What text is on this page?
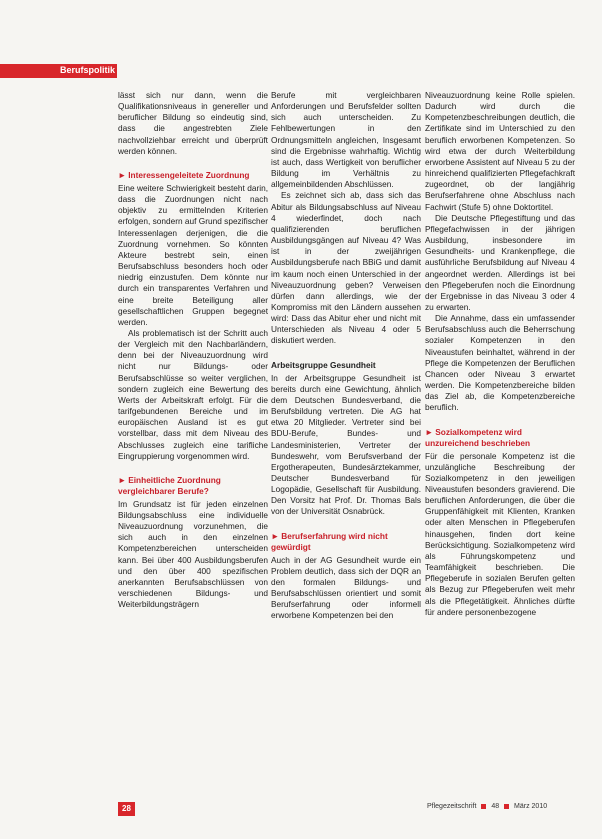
Berufspolitik

lässt sich nur dann, wenn die Qualifikationsniveaus in genereller und beruflicher Bildung so eindeutig sind, dass die angestrebten Ziele nachvollziehbar erreicht und überprüft werden können.

► Interessengeleitete Zuordnung

Eine weitere Schwierigkeit besteht darin, dass die Zuordnungen nicht nach objektiv zu ermittelnden Kriterien erfolgen, sondern auf Grund spezifischer Interessenlagen derjenigen, die die Zuordnung vornehmen. So könnten Akteure bestrebt sein, einen Berufsabschluss besonders hoch oder niedrig einzustufen. Dem könnte nur durch ein transparentes Verfahren und eine breite Beteiligung aller gesellschaftlichen Gruppen begegnet werden.

Als problematisch ist der Schritt auch der Vergleich mit den Nachbarländern, denn bei der Niveauzuordnung wird nicht nur Bildungs- oder Berufsabschlüsse so weiter verglichen, sondern zugleich eine Bewertung des Werts der Arbeitskraft erfolgt. Für die tarifgebundenen Bereiche und im europäischen Ausland ist es gut vorstellbar, dass mit dem Niveau des Abschlusses zugleich eine tarifliche Eingruppierung vorgenommen wird.

► Einheitliche Zuordnung vergleichbarer Berufe?

Im Grundsatz ist für jeden einzelnen Bildungsabschluss eine individuelle Niveauzuordnung vorzunehmen, die sich auch in den einzelnen Kompetenzbereichen unterscheiden kann. Bei über 400 Ausbildungsberufen und den über 400 spezifischen anerkannten Berufsabschlüssen von verschiedenen Bildungs- und Weiterbildungsträgern

Berufe mit vergleichbaren Anforderungen und Berufsfelder sollten sich auch unterscheiden. Zu Fehlbewertungen in den Ordnungsmitteln angleichen, Insgesamt sind die Ergebnisse wahrhaftig. Wichtig ist auch, dass Wertigkeit von beruflicher Bildung im Verhältnis zu allgemeinbildenden Abschlüssen.

Es zeichnet sich ab, dass sich das Abitur als Bildungsabschluss auf Niveau 4 wiederfindet, doch nach qualifizierenden beruflichen Ausbildungsgängen auf Niveau 4? Was ist in der zweijährigen Ausbildungsberufe nach BBiG und damit im kaum noch einen Unterschied in der Niveauzuordnung geben? Verweisen dürfen dann allerdings, wie der Kompromiss mit den Ländern aussehen wird: Dass das Abitur eher und nicht mit Unterschieden als Niveau 4 oder 5 diskutiert werden.

Arbeitsgruppe Gesundheit

In der Arbeitsgruppe Gesundheit ist bereits durch eine Gewichtung, ähnlich dem Deutschen Bundesverband, die Berufsbildung vertreten. Die AG hat etwa 20 Mitglieder. Vertreter sind bei BDU-Berufe, Bundes- und Landesministerien, Vertreter der Bundeswehr, vom Berufsverband der Ergotherapeuten, Bundesärztekammer, Deutscher Bundesverband für Logopädie, Gesellschaft für Ausbildung. Den Vorsitz hat Prof. Dr. Thomas Bals von der Universität Osnabrück.

► Berufserfahrung wird nicht gewürdigt

Auch in der AG Gesundheit wurde ein Problem deutlich, dass sich der DQR an den formalen Bildungs- und Berufsabschlüssen orientiert und somit Berufserfahrung oder informell erworbene Kompetenzen bei den

Niveauzuordnung keine Rolle spielen. Dadurch wird durch die Kompetenzbeschreibungen deutlich, die Zertifikate sind im Unterschied zu den beruflich erworbenen Kompetenzen. So wird etwa der durch Weiterbildung erworbene Assistent auf Niveau 5 zu der hinreichend qualifizierten Pflegefachkraft zugeordnet, ob der langjährig Berufserfahrene ohne Abschluss nach Fachwirt (Stufe 5) ohne Doktortitel.

Die Deutsche Pflegestiftung und das Pflegefachwissen in der jährigen Ausbildung, insbesondere im Gesundheits- und Krankenpflege, die ausführliche Berufsbildung auf Niveau 4 angeordnet werden. Allerdings ist bei den Pflegeberufen noch die Einordnung der Ergebnisse in das Niveau 3 oder 4 zu erwarten.

Die Annahme, dass ein umfassender Berufsabschluss auch die Beherrschung sozialer Kompetenzen in den Niveaustufen beinhaltet, während in der Pflege die Kompetenzen der Beruflichen Chancen oder Niveau 3 erwartet werden. Die Kompetenzbereiche bilden das Ziel ab, die Kompetenzbereiche beruflich.

► Sozialkompetenz wird unzureichend beschrieben

Für die personale Kompetenz ist die unzulängliche Beschreibung der Sozialkompetenz in den jeweiligen Niveaustufen besonders gravierend. Die beruflichen Anforderungen, die über die Gruppenfähigkeit mit Klienten, Kranken oder alten Menschen in Pflegeberufen hinausgehen, finden dort keine Berücksichtigung. Sozialkompetenz wird als Führungskompetenz und Teamfähigkeit beschrieben. Die Pflegeberufe in sozialen Berufen gelten als Bezug zur Pflegeberufen weit mehr als die Pflegetätigkeit. Ähnliches dürfte für andere personenbezogene

28	Pflegezeitschrift 48 März 2010
